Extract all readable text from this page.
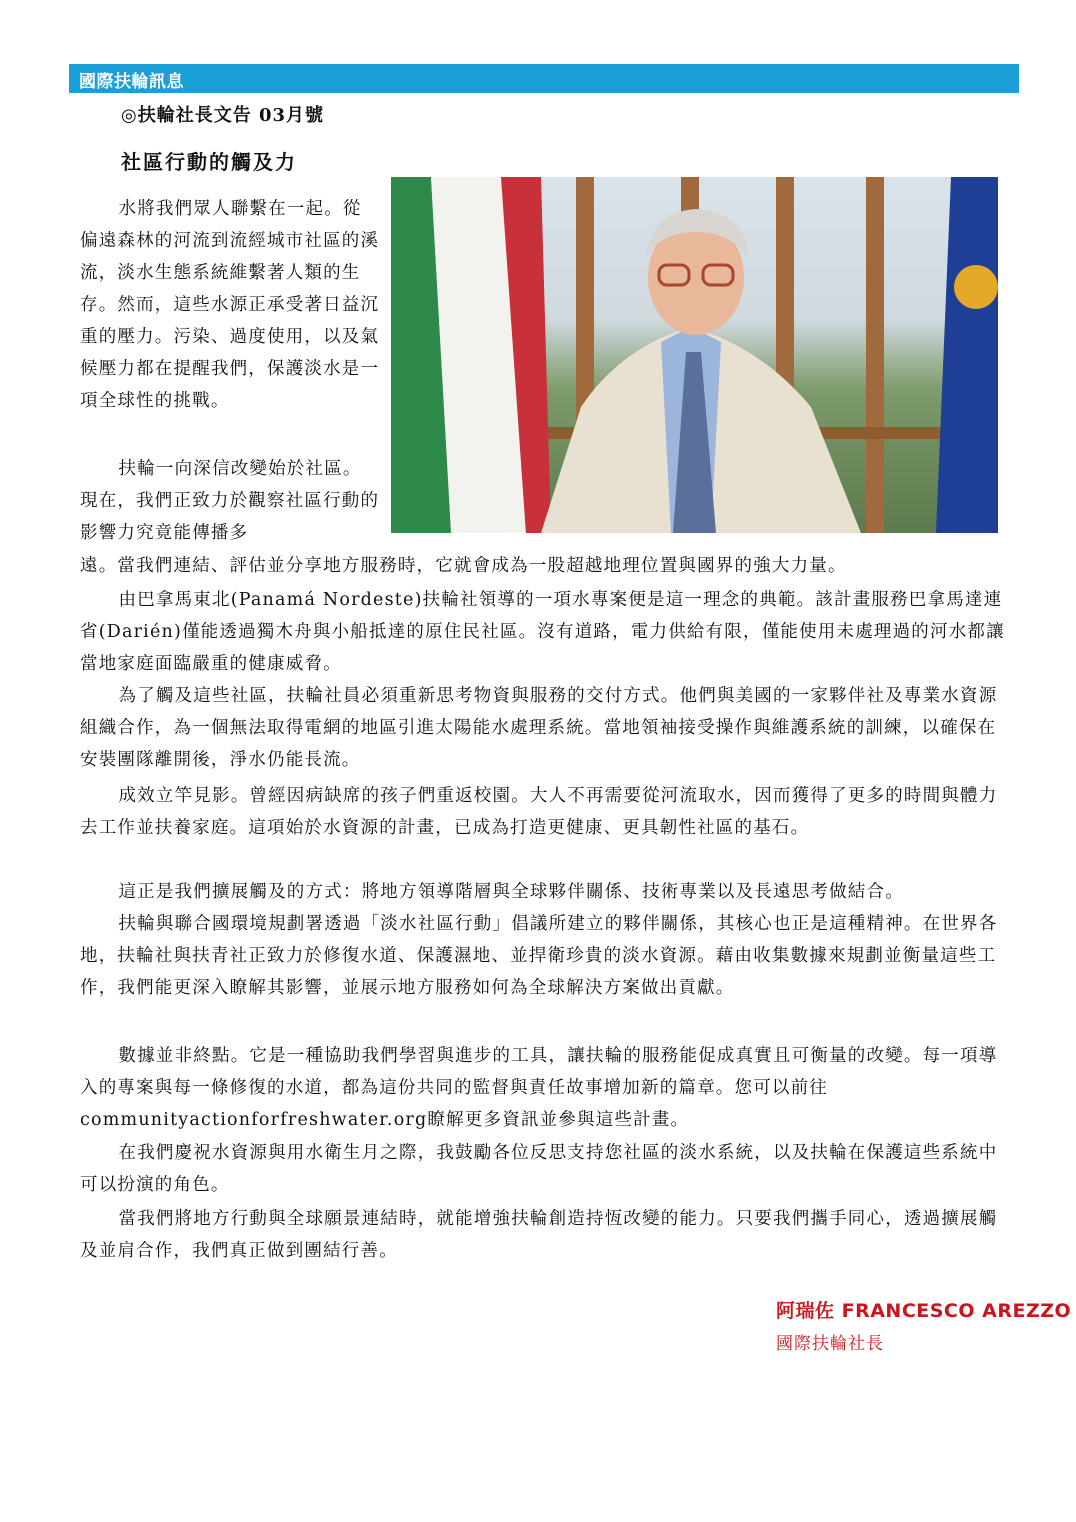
國際扶輪訊息
◎扶輪社長文告 03月號
社區行動的觸及力

水將我們眾人聯繫在一起。從偏遠森林的河流到流經城市社區的溪流，淡水生態系統維繫著人類的生存。然而，這些水源正承受著日益沉重的壓力。污染、過度使用，以及氣候壓力都在提醒我們，保護淡水是一項全球性的挑戰。

扶輪一向深信改變始於社區。現在，我們正致力於觀察社區行動的影響力究竟能傳播多

遠。當我們連結、評估並分享地方服務時，它就會成為一股超越地理位置與國界的強大力量。

由巴拿馬東北(Panamá Nordeste)扶輪社領導的一項水專案便是這一理念的典範。該計畫服務巴拿馬達連省(Darién)僅能透過獨木舟與小船抵達的原住民社區。沒有道路，電力供給有限，僅能使用未處理過的河水都讓當地家庭面臨嚴重的健康威脅。

為了觸及這些社區，扶輪社員必須重新思考物資與服務的交付方式。他們與美國的一家夥伴社及專業水資源組織合作，為一個無法取得電網的地區引進太陽能水處理系統。當地領袖接受操作與維護系統的訓練，以確保在安裝團隊離開後，淨水仍能長流。

成效立竿見影。曾經因病缺席的孩子們重返校園。大人不再需要從河流取水，因而獲得了更多的時間與體力去工作並扶養家庭。這項始於水資源的計畫，已成為打造更健康、更具韌性社區的基石。

這正是我們擴展觸及的方式：將地方領導階層與全球夥伴關係、技術專業以及長遠思考做結合。

扶輪與聯合國環境規劃署透過「淡水社區行動」倡議所建立的夥伴關係，其核心也正是這種精神。在世界各地，扶輪社與扶青社正致力於修復水道、保護濕地、並捍衛珍貴的淡水資源。藉由收集數據來規劃並衡量這些工作，我們能更深入瞭解其影響，並展示地方服務如何為全球解決方案做出貢獻。

數據並非終點。它是一種協助我們學習與進步的工具，讓扶輪的服務能促成真實且可衡量的改變。每一項導入的專案與每一條修復的水道，都為這份共同的監督與責任故事增加新的篇章。您可以前往communityactionforfreshwater.org瞭解更多資訊並參與這些計畫。

在我們慶祝水資源與用水衛生月之際，我鼓勵各位反思支持您社區的淡水系統，以及扶輪在保護這些系統中可以扮演的角色。

當我們將地方行動與全球願景連結時，就能增強扶輪創造持恆改變的能力。只要我們攜手同心，透過擴展觸及並肩合作，我們真正做到團結行善。

阿瑞佐 FRANCESCO AREZZO
國際扶輪社長
